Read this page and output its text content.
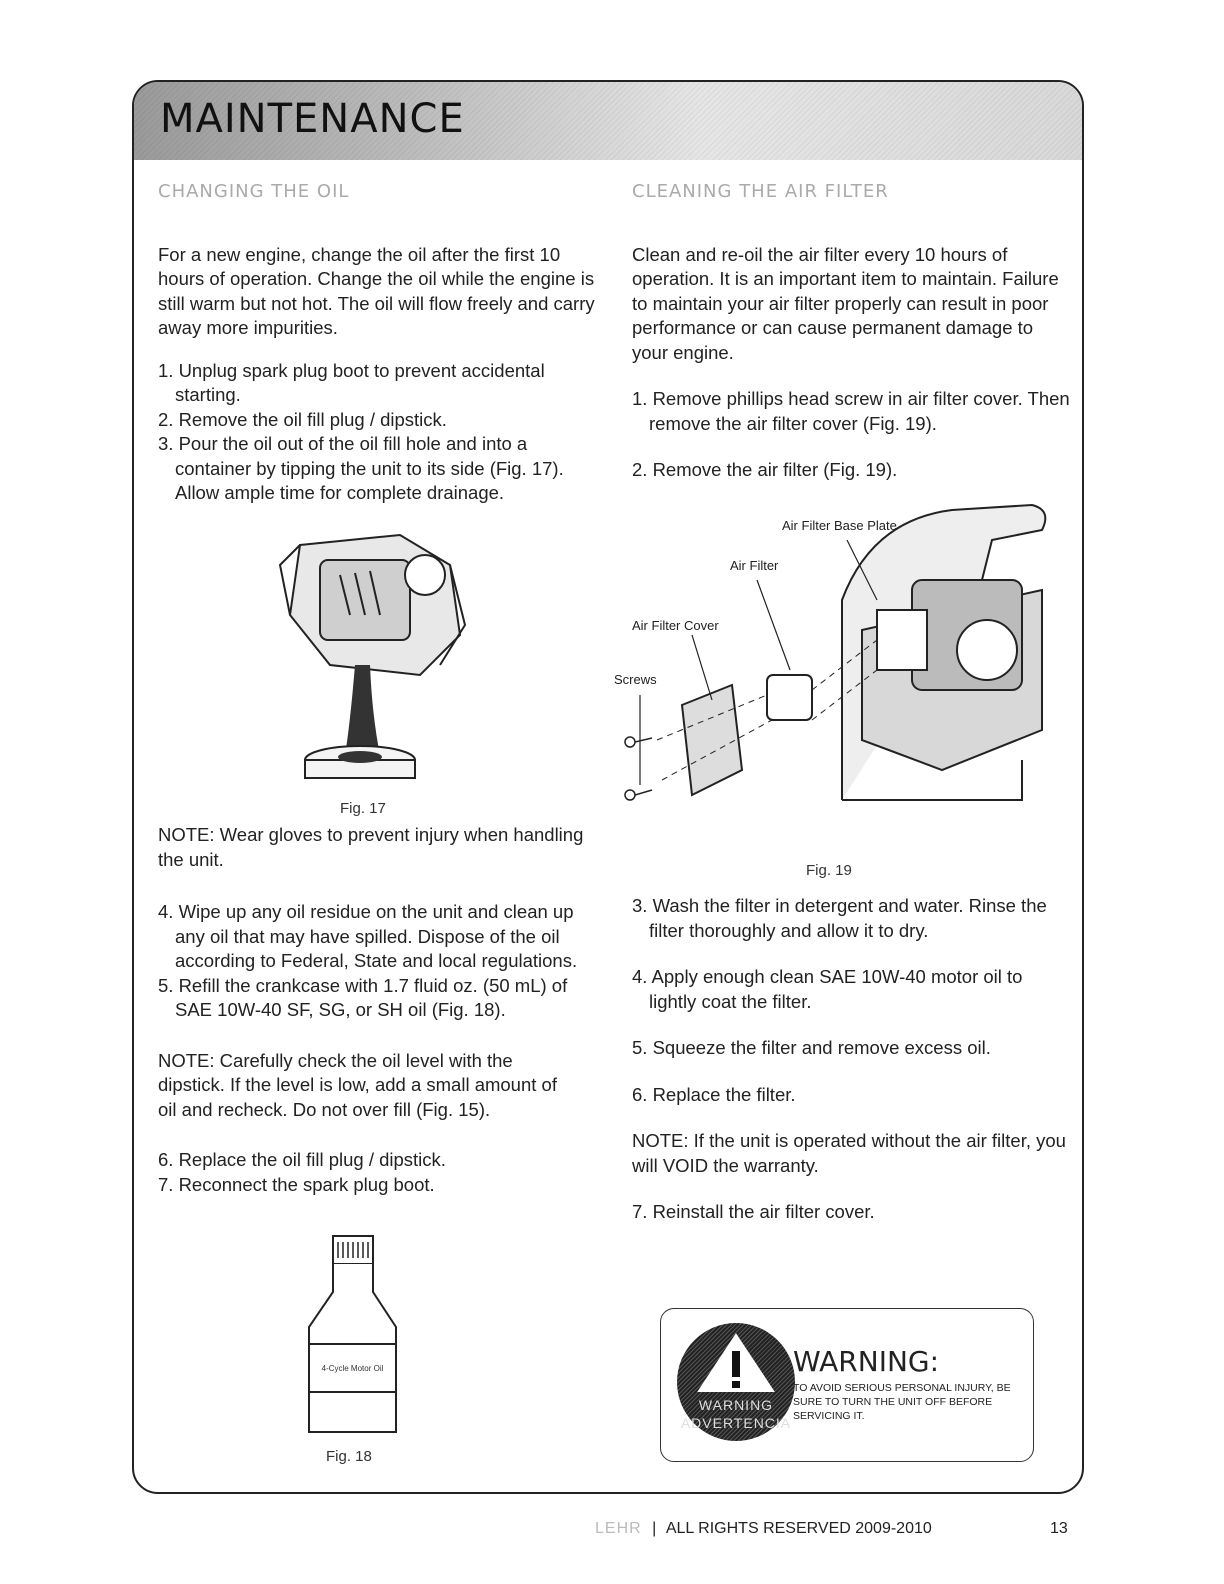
MAINTENANCE
CHANGING THE OIL

For a new engine, change the oil after the first 10 hours of operation. Change the oil while the engine is still warm but not hot. The oil will flow freely and carry away more impurities.

1. Unplug spark plug boot to prevent accidental starting.

2. Remove the oil fill plug / dipstick.

3. Pour the oil out of the oil fill hole and into a container by tipping the unit to its side (Fig. 17). Allow ample time for complete drainage.

Fig. 17

NOTE: Wear gloves to prevent injury when handling the unit.

4. Wipe up any oil residue on the unit and clean up any oil that may have spilled. Dispose of the oil according to Federal, State and local regulations.

5. Refill the crankcase with 1.7 fluid oz. (50 mL) of SAE 10W-40 SF, SG, or SH oil (Fig. 18).

NOTE: Carefully check the oil level with the dipstick. If the level is low, add a small amount of oil and recheck. Do not over fill (Fig. 15).

6. Replace the oil fill plug / dipstick.

7. Reconnect the spark plug boot.

4-Cycle Motor Oil
Fig. 18
CLEANING THE AIR FILTER

Clean and re-oil the air filter every 10 hours of operation. It is an important item to maintain. Failure to maintain your air filter properly can result in poor performance or can cause permanent damage to your engine.

1. Remove phillips head screw in air filter cover. Then remove the air filter cover (Fig. 19).

2. Remove the air filter (Fig. 19).

Air Filter Base Plate
Air Filter
Air Filter Cover
Screws
Fig. 19

3. Wash the filter in detergent and water. Rinse the filter thoroughly and allow it to dry.

4. Apply enough clean SAE 10W-40 motor oil to lightly coat the filter.

5. Squeeze the filter and remove excess oil.

6. Replace the filter.

NOTE: If the unit is operated without the air filter, you will VOID the warranty.

7. Reinstall the air filter cover.

WARNING
ADVERTENCIA
WARNING:
TO AVOID SERIOUS PERSONAL INJURY, BE SURE TO TURN THE UNIT OFF BEFORE SERVICING IT.
LEHR | ALL RIGHTS RESERVED 2009-2010	13
